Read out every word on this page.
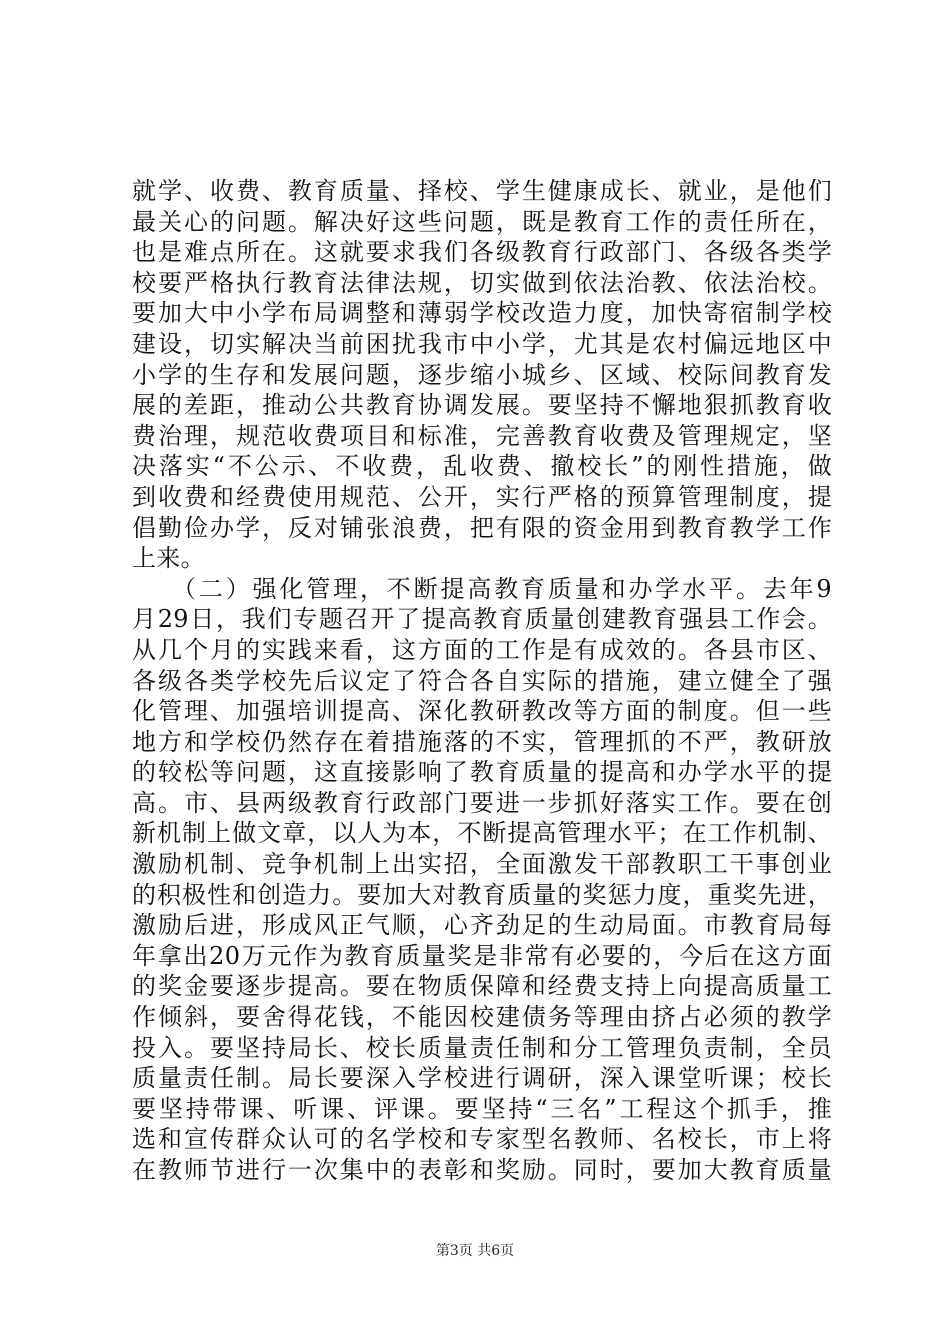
就学、收费、教育质量、择校、学生健康成长、就业，是他们
最关心的问题。解决好这些问题，既是教育工作的责任所在，
也是难点所在。这就要求我们各级教育行政部门、各级各类学
校要严格执行教育法律法规，切实做到依法治教、依法治校。
要加大中小学布局调整和薄弱学校改造力度，加快寄宿制学校
建设，切实解决当前困扰我市中小学，尤其是农村偏远地区中
小学的生存和发展问题，逐步缩小城乡、区域、校际间教育发
展的差距，推动公共教育协调发展。要坚持不懈地狠抓教育收
费治理，规范收费项目和标准，完善教育收费及管理规定，坚
决落实“不公示、不收费，乱收费、撤校长”的刚性措施，做
到收费和经费使用规范、公开，实行严格的预算管理制度，提
倡勤俭办学，反对铺张浪费，把有限的资金用到教育教学工作
上来。
（二）强化管理，不断提高教育质量和办学水平。去年9
月29日，我们专题召开了提高教育质量创建教育强县工作会。
从几个月的实践来看，这方面的工作是有成效的。各县市区、
各级各类学校先后议定了符合各自实际的措施，建立健全了强
化管理、加强培训提高、深化教研教改等方面的制度。但一些
地方和学校仍然存在着措施落的不实，管理抓的不严，教研放
的较松等问题，这直接影响了教育质量的提高和办学水平的提
高。市、县两级教育行政部门要进一步抓好落实工作。要在创
新机制上做文章，以人为本，不断提高管理水平；在工作机制、
激励机制、竞争机制上出实招，全面激发干部教职工干事创业
的积极性和创造力。要加大对教育质量的奖惩力度，重奖先进，
激励后进，形成风正气顺，心齐劲足的生动局面。市教育局每
年拿出20万元作为教育质量奖是非常有必要的，今后在这方面
的奖金要逐步提高。要在物质保障和经费支持上向提高质量工
作倾斜，要舍得花钱，不能因校建债务等理由挤占必须的教学
投入。要坚持局长、校长质量责任制和分工管理负责制，全员
质量责任制。局长要深入学校进行调研，深入课堂听课；校长
要坚持带课、听课、评课。要坚持“三名”工程这个抓手，推
选和宣传群众认可的名学校和专家型名教师、名校长，市上将
在教师节进行一次集中的表彰和奖励。同时，要加大教育质量
第3页 共6页
